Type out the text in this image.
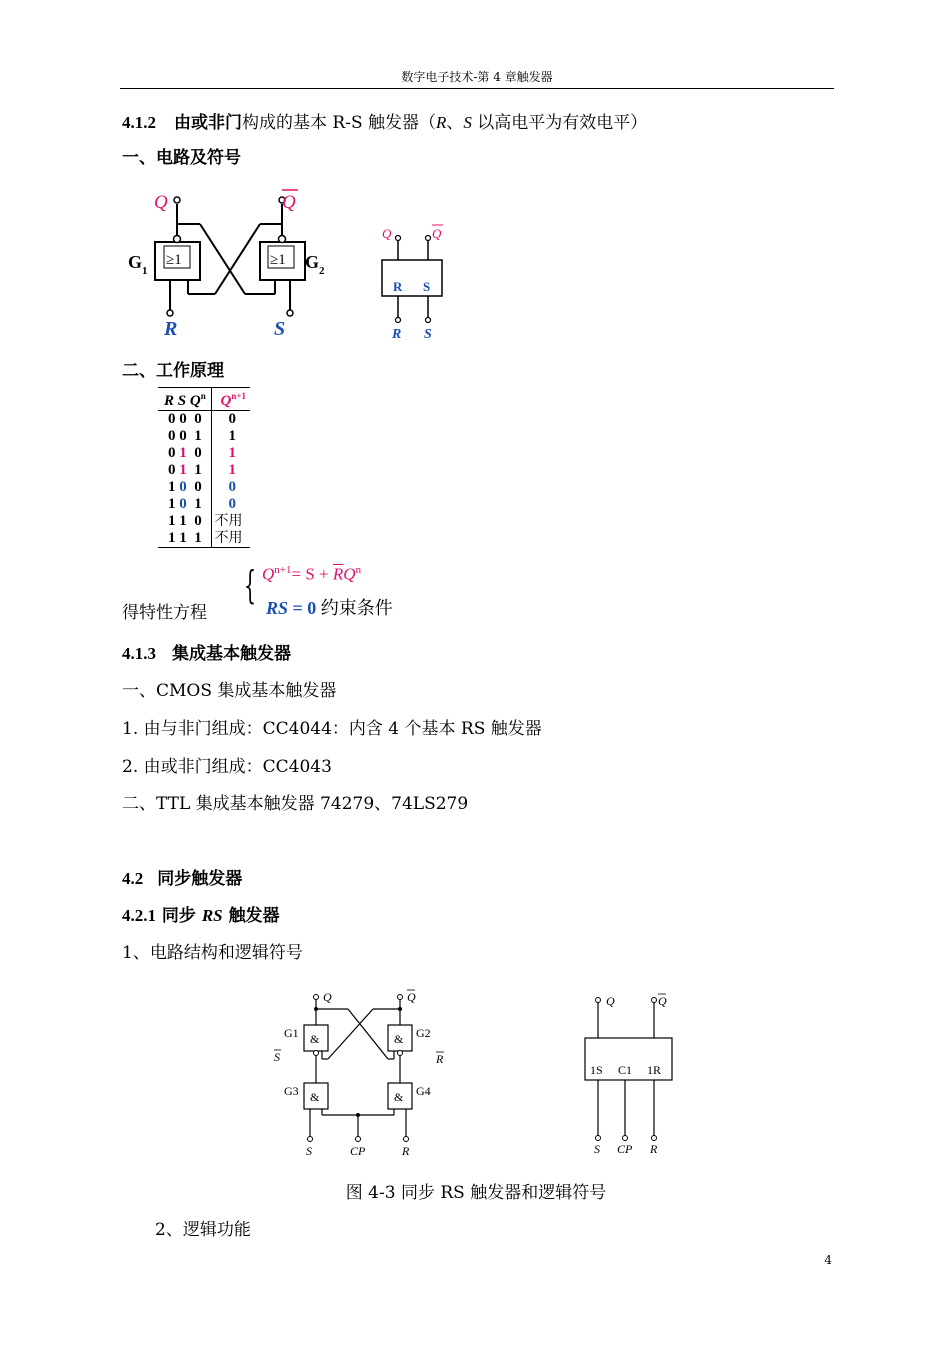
数字电子技术-第 4 章触发器
4.1.2 由或非门构成的基本 R-S 触发器（R、S 以高电平为有效电平）
一、电路及符号
≥1	≥1
Q	Q
G 1	G 2
R	S
Q	Q
R S
R S
二、工作原理
R S $Q^n$	$Q^{n+1}$
0 0 0	0
0 0 1	1
0 1 0	1
0 1 1	1
1 0 0	0
1 0 1	0
1 1 0	不用
1 1 1	不用
得特性方程
{ $Q^{n+1}= S + \overline{R}Q^n$
RS = 0 约束条件
4.1.3 集成基本触发器
一、CMOS 集成基本触发器
1. 由与非门组成：CC4044：内含 4 个基本 RS 触发器
2. 由或非门组成：CC4043
二、TTL 集成基本触发器 74279、74LS279
4.2 同步触发器
4.2.1 同步 RS 触发器
1、电路结构和逻辑符号
&	&
&	&
Q	Q
G1	G2
G3	G4
S	R
S	CP	R
Q	Q
1S C1 1R
S CP R
图 4-3 同步 RS 触发器和逻辑符号
2、逻辑功能
4
